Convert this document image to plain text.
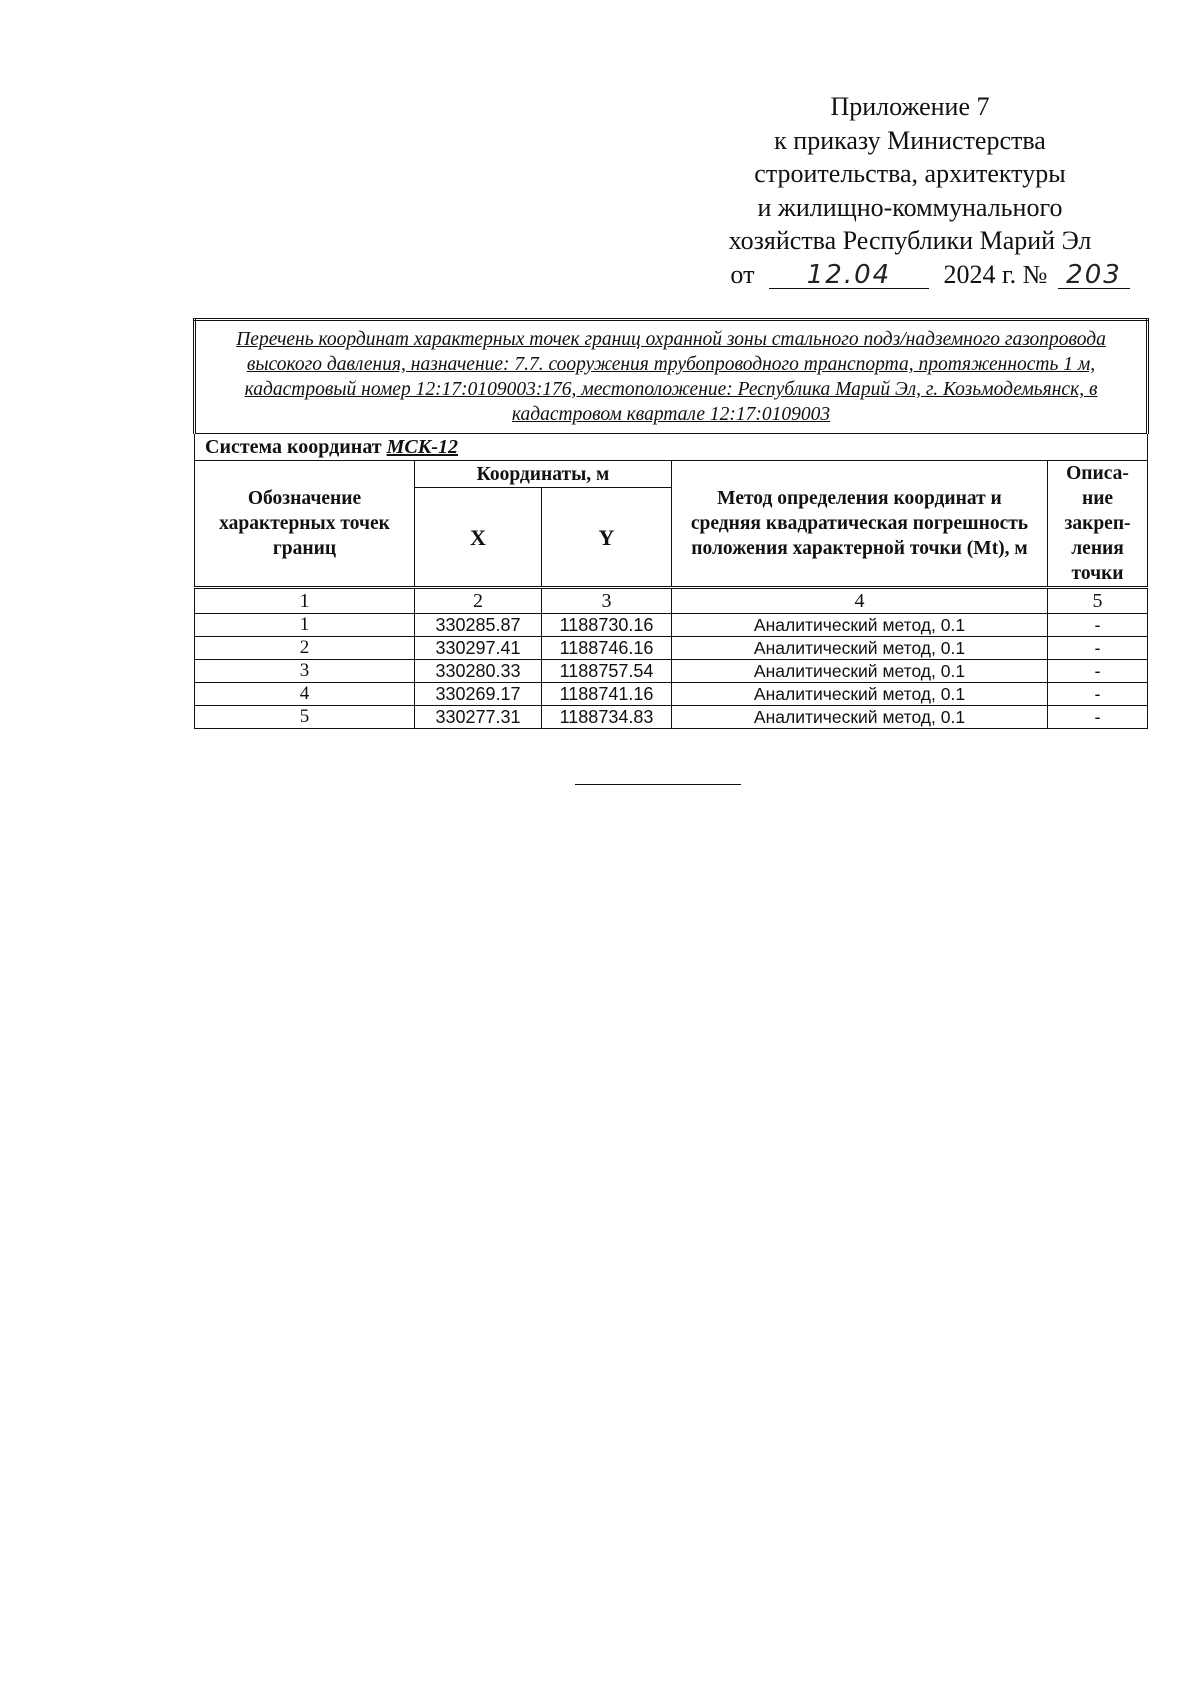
Приложение 7
к приказу Министерства
строительства, архитектуры
и жилищно-коммунального
хозяйства Республики Марий Эл
от 12.04 2024 г. № 203
Перечень координат характерных точек границ охранной зоны стального подз/надземного газопровода высокого давления, назначение: 7.7. сооружения трубопроводного транспорта, протяженность 1 м, кадастровый номер 12:17:0109003:176, местоположение: Республика Марий Эл, г. Козьмодемьянск, в кадастровом квартале 12:17:0109003				
Система координат МСК-12				
Обозначение характерных точек границ	Координаты, м		Метод определения координат и средняя квадратическая погрешность положения характерной точки (Mt), м	Описа-ние закреп-ления точки
	X	Y		
1	2	3	4	5
1	330285.87	1188730.16	Аналитический метод, 0.1	-
2	330297.41	1188746.16	Аналитический метод, 0.1	-
3	330280.33	1188757.54	Аналитический метод, 0.1	-
4	330269.17	1188741.16	Аналитический метод, 0.1	-
5	330277.31	1188734.83	Аналитический метод, 0.1	-
